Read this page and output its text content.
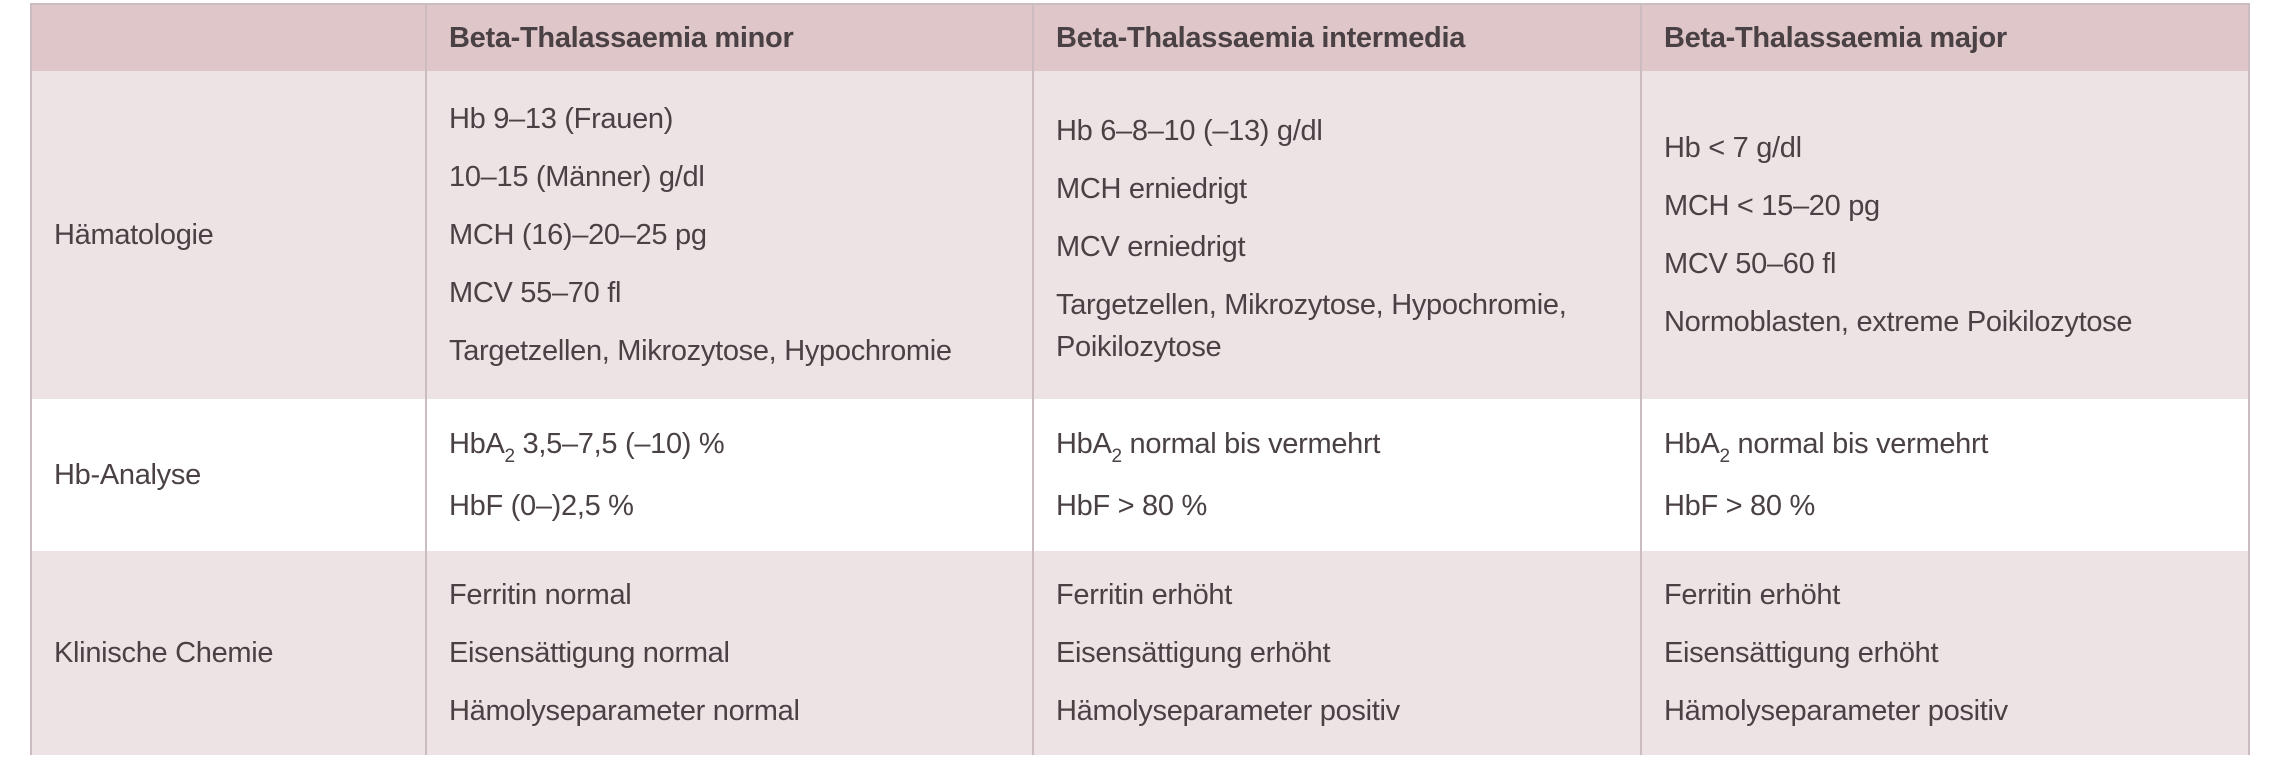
Beta-Thalassaemia minor	Beta-Thalassaemia intermedia	Beta-Thalassaemia major
Hämatologie
Hb 9–13 (Frauen)
10–15 (Männer) g/dl
MCH (16)–20–25 pg
MCV 55–70 fl
Targetzellen, Mikrozytose, Hypochromie
Hb 6–8–10 (–13) g/dl
MCH erniedrigt
MCV erniedrigt
Targetzellen, Mikrozytose, Hypochromie, Poikilozytose
Hb < 7 g/dl
MCH < 15–20 pg
MCV 50–60 fl
Normoblasten, extreme Poikilozytose
Hb-Analyse
HbA$_2$ 3,5–7,5 (–10) %
HbF (0–)2,5 %
HbA$_2$ normal bis vermehrt
HbF > 80 %
HbA$_2$ normal bis vermehrt
HbF > 80 %
Klinische Chemie
Ferritin normal
Eisensättigung normal
Hämolyseparameter normal
Ferritin erhöht
Eisensättigung erhöht
Hämolyseparameter positiv
Ferritin erhöht
Eisensättigung erhöht
Hämolyseparameter positiv
